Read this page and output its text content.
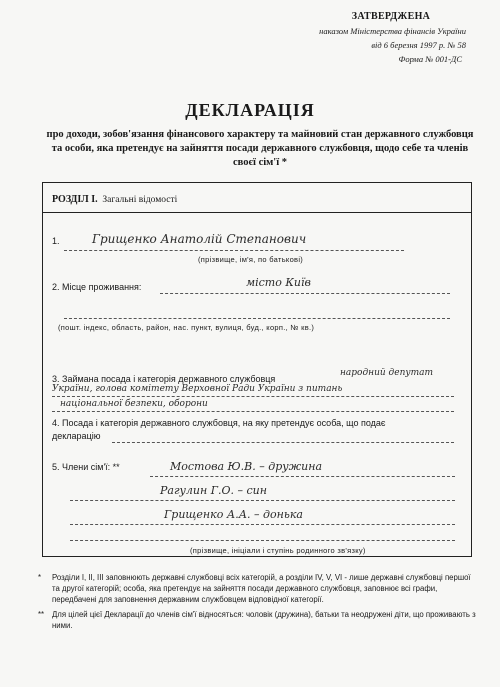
ЗАТВЕРДЖЕНА
наказом Міністерства фінансів України
від 6 березня 1997 р. № 58
Форма № 001-ДС
ДЕКЛАРАЦІЯ
про доходи, зобов'язання фінансового характеру та майновий стан державного службовця та особи, яка претендує на зайняття посади державного службовця, щодо себе та членів своєї сім'ї *
РОЗДІЛ I. Загальні відомості
1.	Грищенко Анатолій Степанович
(прізвище, ім'я, по батькові)
2. Місце проживання:	місто Київ
(пошт. індекс, область, район, нас. пункт, вулиця, буд., корп., № кв.)
3. Займана посада і категорія державного службовця
народний депутат
України, голова комітету Верховної Ради України з питань
національної безпеки, оборони
4. Посада і категорія державного службовця, на яку претендує особа, що подає
декларацію
5. Члени сім'ї: **	Мостова Ю.В. – дружина
Рагулин Г.О. – син
Грищенко А.А. – донька
(прізвище, ініціали і ступінь родинного зв'язку)
*	Розділи І, ІІ, ІІІ заповнюють державні службовці всіх категорій, а розділи IV, V, VI - лише державні службовці першої та другої категорій; особа, яка претендує на зайняття посади державного службовця, заповнює всі графи, передбачені для заповнення державним службовцем відповідної категорії.
**	Для цілей цієї Декларації до членів сім'ї відносяться: чоловік (дружина), батьки та неодружені діти, що проживають з ними.
